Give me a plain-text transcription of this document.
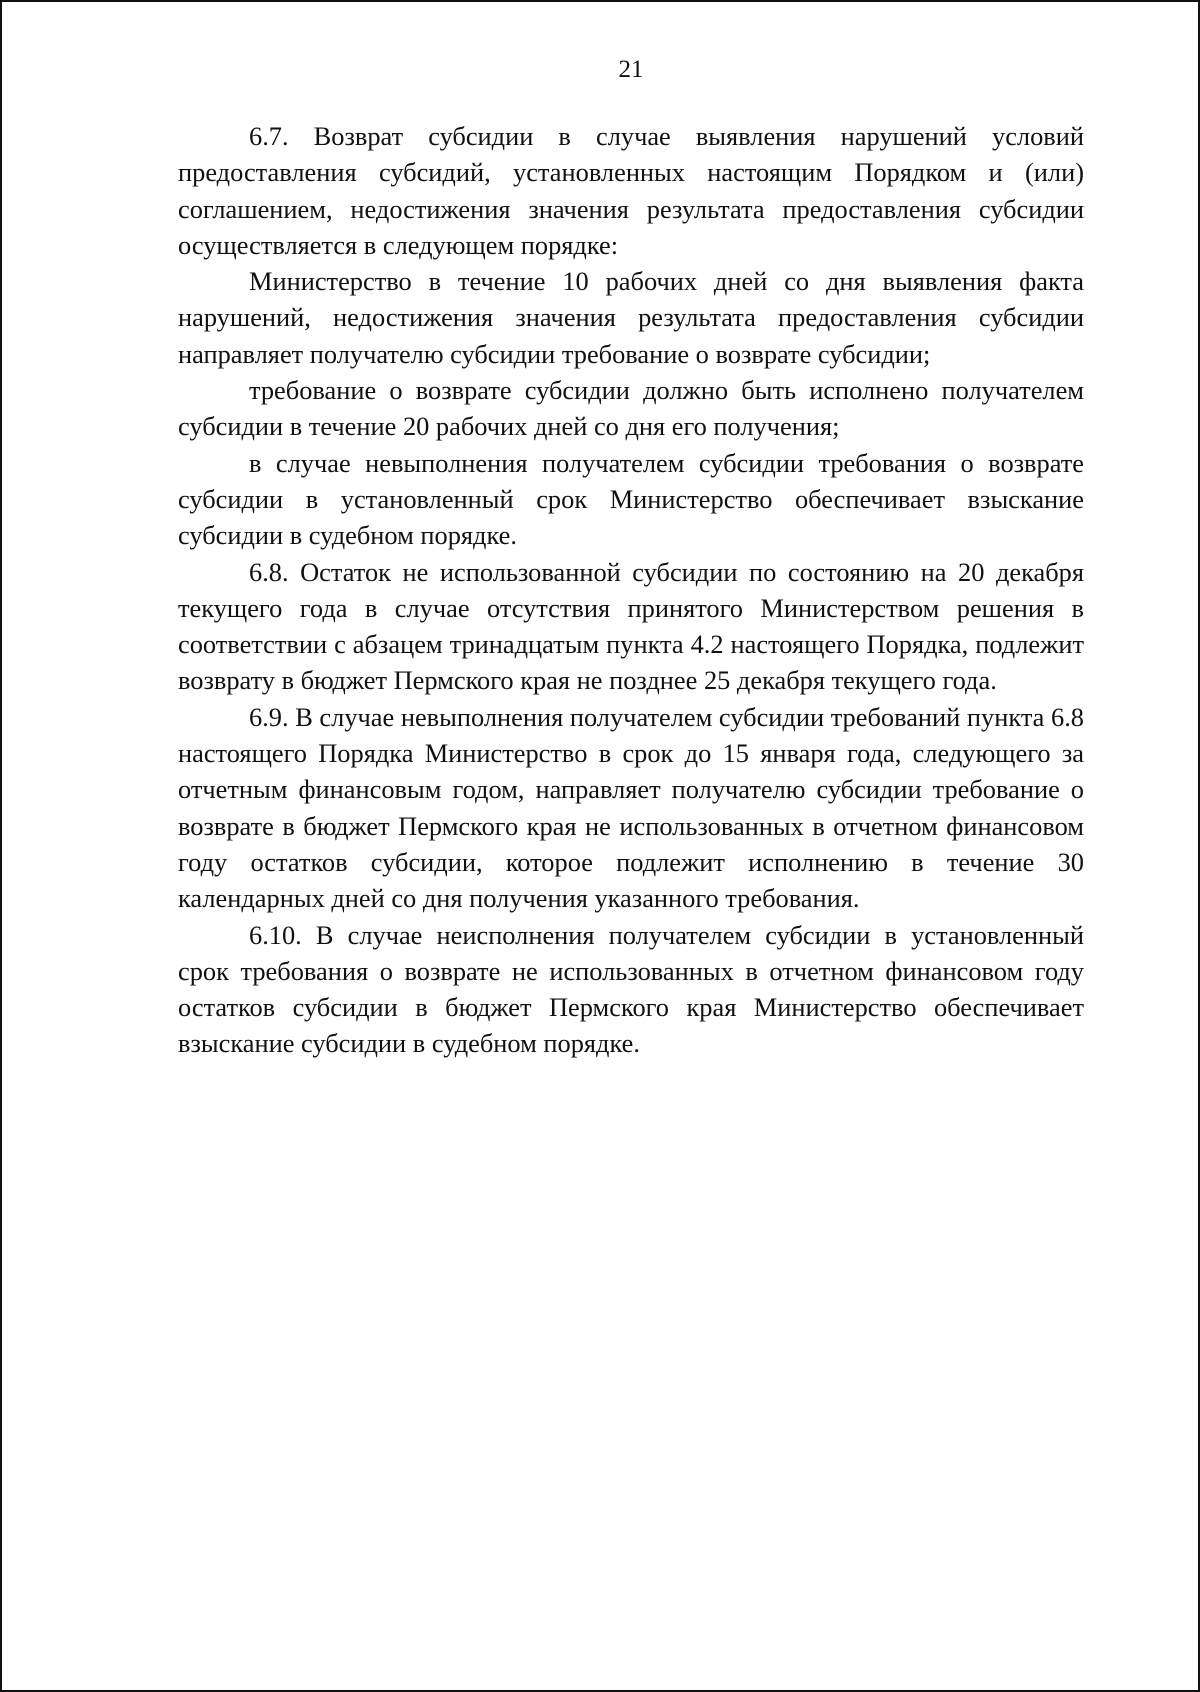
21

6.7. Возврат субсидии в случае выявления нарушений условий предоставления субсидий, установленных настоящим Порядком и (или) соглашением, недостижения значения результата предоставления субсидии осуществляется в следующем порядке:

Министерство в течение 10 рабочих дней со дня выявления факта нарушений, недостижения значения результата предоставления субсидии направляет получателю субсидии требование о возврате субсидии;

требование о возврате субсидии должно быть исполнено получателем субсидии в течение 20 рабочих дней со дня его получения;

в случае невыполнения получателем субсидии требования о возврате субсидии в установленный срок Министерство обеспечивает взыскание субсидии в судебном порядке.

6.8. Остаток не использованной субсидии по состоянию на 20 декабря текущего года в случае отсутствия принятого Министерством решения в соответствии с абзацем тринадцатым пункта 4.2 настоящего Порядка, подлежит возврату в бюджет Пермского края не позднее 25 декабря текущего года.

6.9. В случае невыполнения получателем субсидии требований пункта 6.8 настоящего Порядка Министерство в срок до 15 января года, следующего за отчетным финансовым годом, направляет получателю субсидии требование о возврате в бюджет Пермского края не использованных в отчетном финансовом году остатков субсидии, которое подлежит исполнению в течение 30 календарных дней со дня получения указанного требования.

6.10. В случае неисполнения получателем субсидии в установленный срок требования о возврате не использованных в отчетном финансовом году остатков субсидии в бюджет Пермского края Министерство обеспечивает взыскание субсидии в судебном порядке.
